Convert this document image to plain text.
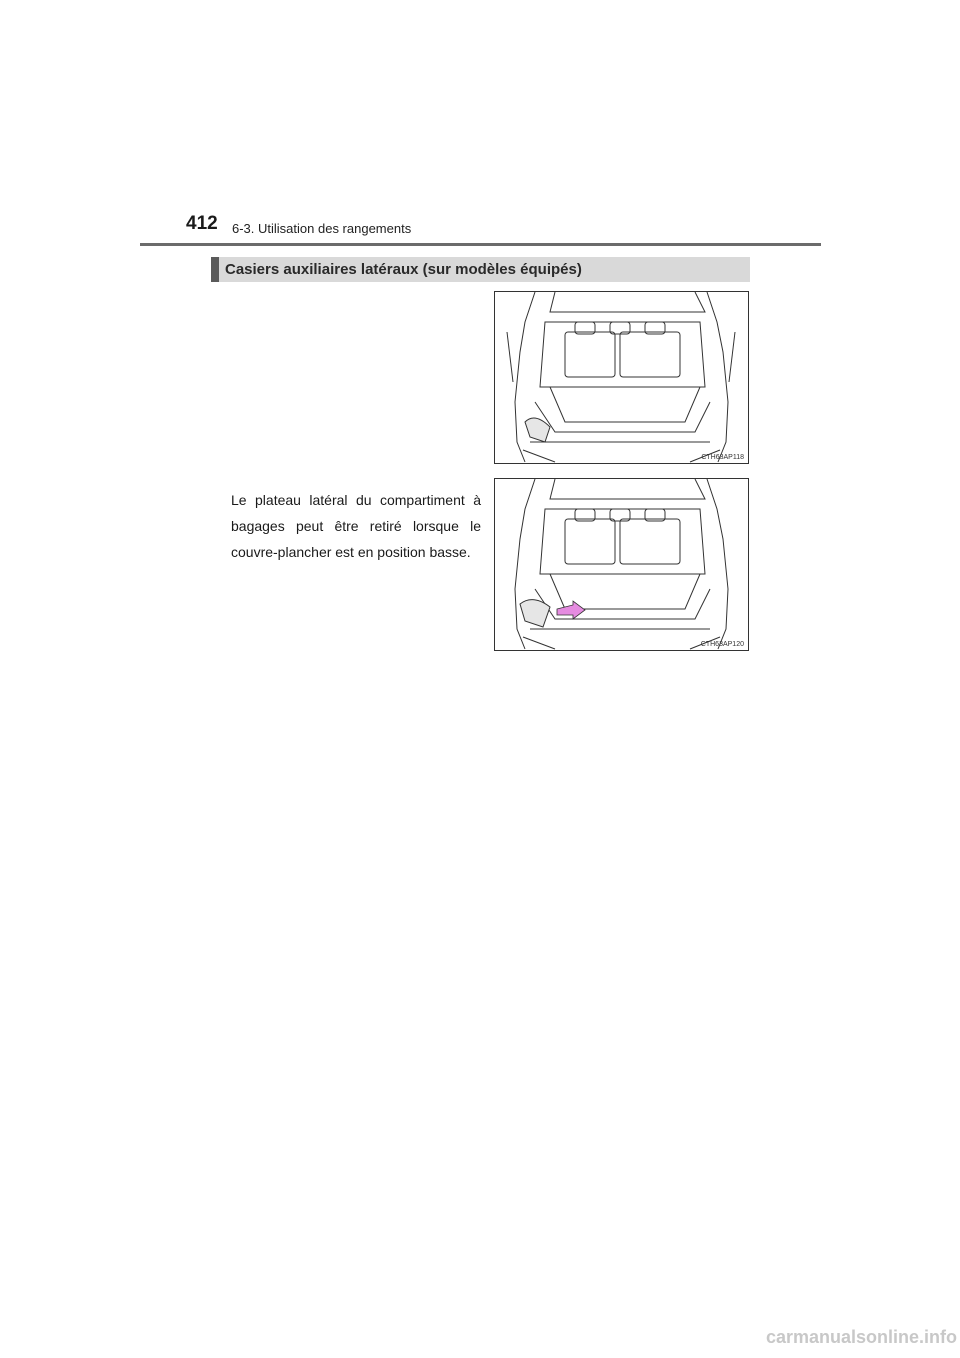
412 6-3. Utilisation des rangements
Casiers auxiliaires latéraux (sur modèles équipés)
Le plateau latéral du compartiment à bagages peut être retiré lorsque le couvre-plancher est en position basse.
CTH63AP118
CTH63AP120
carmanualsonline.info
